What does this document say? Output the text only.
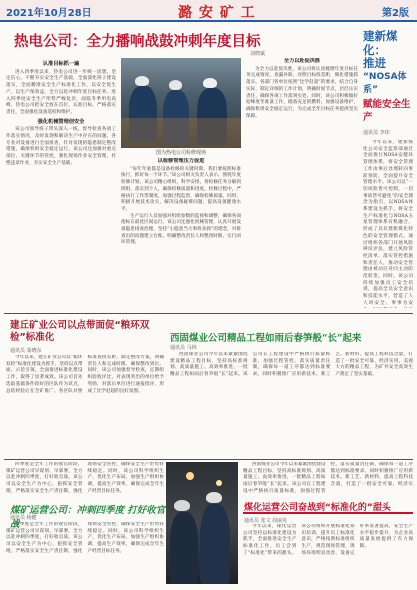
2021年10月28日	潞 安 矿 工	第2版
热电公司：全力播响战鼓冲刺年度目标
刘晓斌
认准目标抓一遍

进入四季度以来，热电公司进一步统一思想、坚定信心、不断夯实安全生产基础，全面深化班子建设落实，全面精准安全生产标准化工作，以安全促生产，以生产保效益，全力以赴冲刺年度目标任务。进入四季度安全生产形势严峻复杂，面临冬季用电高峰，热电公司把安全放在首位，认准目标，严格落实责任，全面强化设备巡检和维护。

强化机械管理创安全

该公司领导班子带头深入一线，督导检查各项工作落实情况，及时发现和解决生产中存在的问题。各专业对设备进行全面排查，针对发现的隐患制定整改措施，确保机组安全稳定运行。该公司还加强对重点部位、关键环节的管控，强化现场作业安全管理，杜绝违章作业，夯实安全生产基础。

图为热电公司检修现场
以检修管理压力促进

“每年年底都是设备检修的关键时期，我们要按照标准执行，抓好每一个环节。”该公司相关负责人表示。围绕年度检修计划，该公司精心组织，科学安排，将检修任务分解到班组、落实到个人，确保检修质量和进度。检修过程中，严格执行工作票制度，加强过程监督，确保检修质量。同时，积极开展技术攻关，解决设备疑难问题，提高设备健康水平。

生产运行人员加强对机组参数的监视和调整，确保各项指标在最优区间运行。该公司还强化机械管理，认真开展设备隐患排查治理，坚持“小隐患当大事故来抓”的理念，对排查出的问题建立台账，明确整改责任人和整改时限，实行闭环管理。

全力以赴促决胜

为全力以赴促决胜，该公司将认真梳理年度目标任务完成情况，查漏补缺，对照目标找差距，细化措施抓落实。各部门各单位按照“比学赶超”的要求，结合自身实际，制定详细的工作计划，明确时间节点，层层压实责任，确保各项工作落到实处。同时，该公司积极做好迎峰度冬准备工作，储备充足的燃料，加强设备维护，确保机组安全稳定运行，为完成全年目标任务提供坚实保障。

建新煤化：
推进
“NOSA体系”
赋能安全生产
通讯员 李玮

今年以来，建新煤化公司安全监察部通过全面推行NOSA安健环管理体系，将安全管理工作由事后处理转向事前预防，全面提升安全管理水平。该公司以“一切风险皆可控制，一切事故皆可避免”的安全理念为指引，以NOSA体系建设为抓手，将安全生产标准化与NOSA五星管理体系有机融合，形成了具有建新煤化特色的安全管理模式。通过组织各部门开展风险辨识评估，建立风险管控清单，落实管控措施和责任人，推动安全管理由被动应对向主动防范转变。同时，该公司持续加强员工安全培训，提高全员安全意识和技能水平，营造了人人讲安全、事事为安

建丘矿业公司以点带面促“粮环双检”标准化
通讯员 秦晓东

今年以来，建丘矿业公司以“粮环双检”标准化建设为抓手，坚持以点带面、示范引领，全面推进标准化建设工作，取得了显著成效。该公司首先选取基础条件较好的区队作为试点，总结经验后在全矿推广。各区队对照标准查找差距，制定整改方案，明确责任人和完成时限，确保整改到位。同时，该公司加强督导检查，定期组织验收评比，对表现突出的单位给予奖励，对落后单位进行通报批评，形成了比学赶超的良好氛围。

西固煤业公司精品工程如雨后春笋般“长”起来
通讯员 马林

西固煤业公司今年以来紧紧围绕建设精品工程目标，坚持高标准规划、高质量施工、高效率推进，一批精品工程如雨后春笋般“长”起来。该公司在工程建设中严格执行质量标准，加强过程管控，落实质量责任制，确保每一道工序都达到标准要求。同时积极推广应用新技术、新工艺、新材料，提高工程科技含量，打造了一批安全可靠、经济实用、美观大方的精品工程，为矿井安全高效生产奠定了坚实基础。

四季度是全年工作的收官阶段，煤矿运营公司早谋划、早部署，全力以赴冲刺四季度，打好收官战。该公司以安全生产为中心，狠抓安全管理，严格落实安全生产责任制，强化现场安全管控，确保安全生产形势持续稳定。同时，该公司科学组织生产，优化生产布局，加强生产组织协调，提高生产效率，确保完成全年生产经营目标任务。

煤矿运营公司：冲刺四季度 打好收官战
通讯员 杨健

四季度是全年工作的收官阶段，煤矿运营公司早谋划、早部署，全力以赴冲刺四季度，打好收官战。该公司以安全生产为中心，狠抓安全管理，严格落实安全生产责任制，强化现场安全管控，确保安全生产形势持续稳定。同时，该公司科学组织生产，优化生产布局，加强生产组织协调，提高生产效率，确保完成全年生产经营目标任务。

煤化运营公司奋战到“标准化的”甜头

西固煤业公司今年以来紧紧围绕建设精品工程目标，坚持高标准规划、高质量施工、高效率推进，一批精品工程如雨后春笋般“长”起来。该公司在工程建设中严格执行质量标准，加强过程管控，落实质量责任制，确保每一道工序都达到标准要求。同时积极推广应用新技术、新工艺、新材料，提高工程科技含量，打造了一批安全可靠、经济实

通讯员 张文 周丽英

今年以来，煤化运营公司坚持以标准化建设为抓手，全面推进安全生产标准化工作，员工尝到了“标准化”带来的甜头。该公司组织开展标准化知识培训，提升员工标准化意识，严格按照标准组织生产，规范现场管理，现场环境明显改善，设备完好率显著提高，安全生产水平稳步提升，为企业高质量发展提供了有力保障。
